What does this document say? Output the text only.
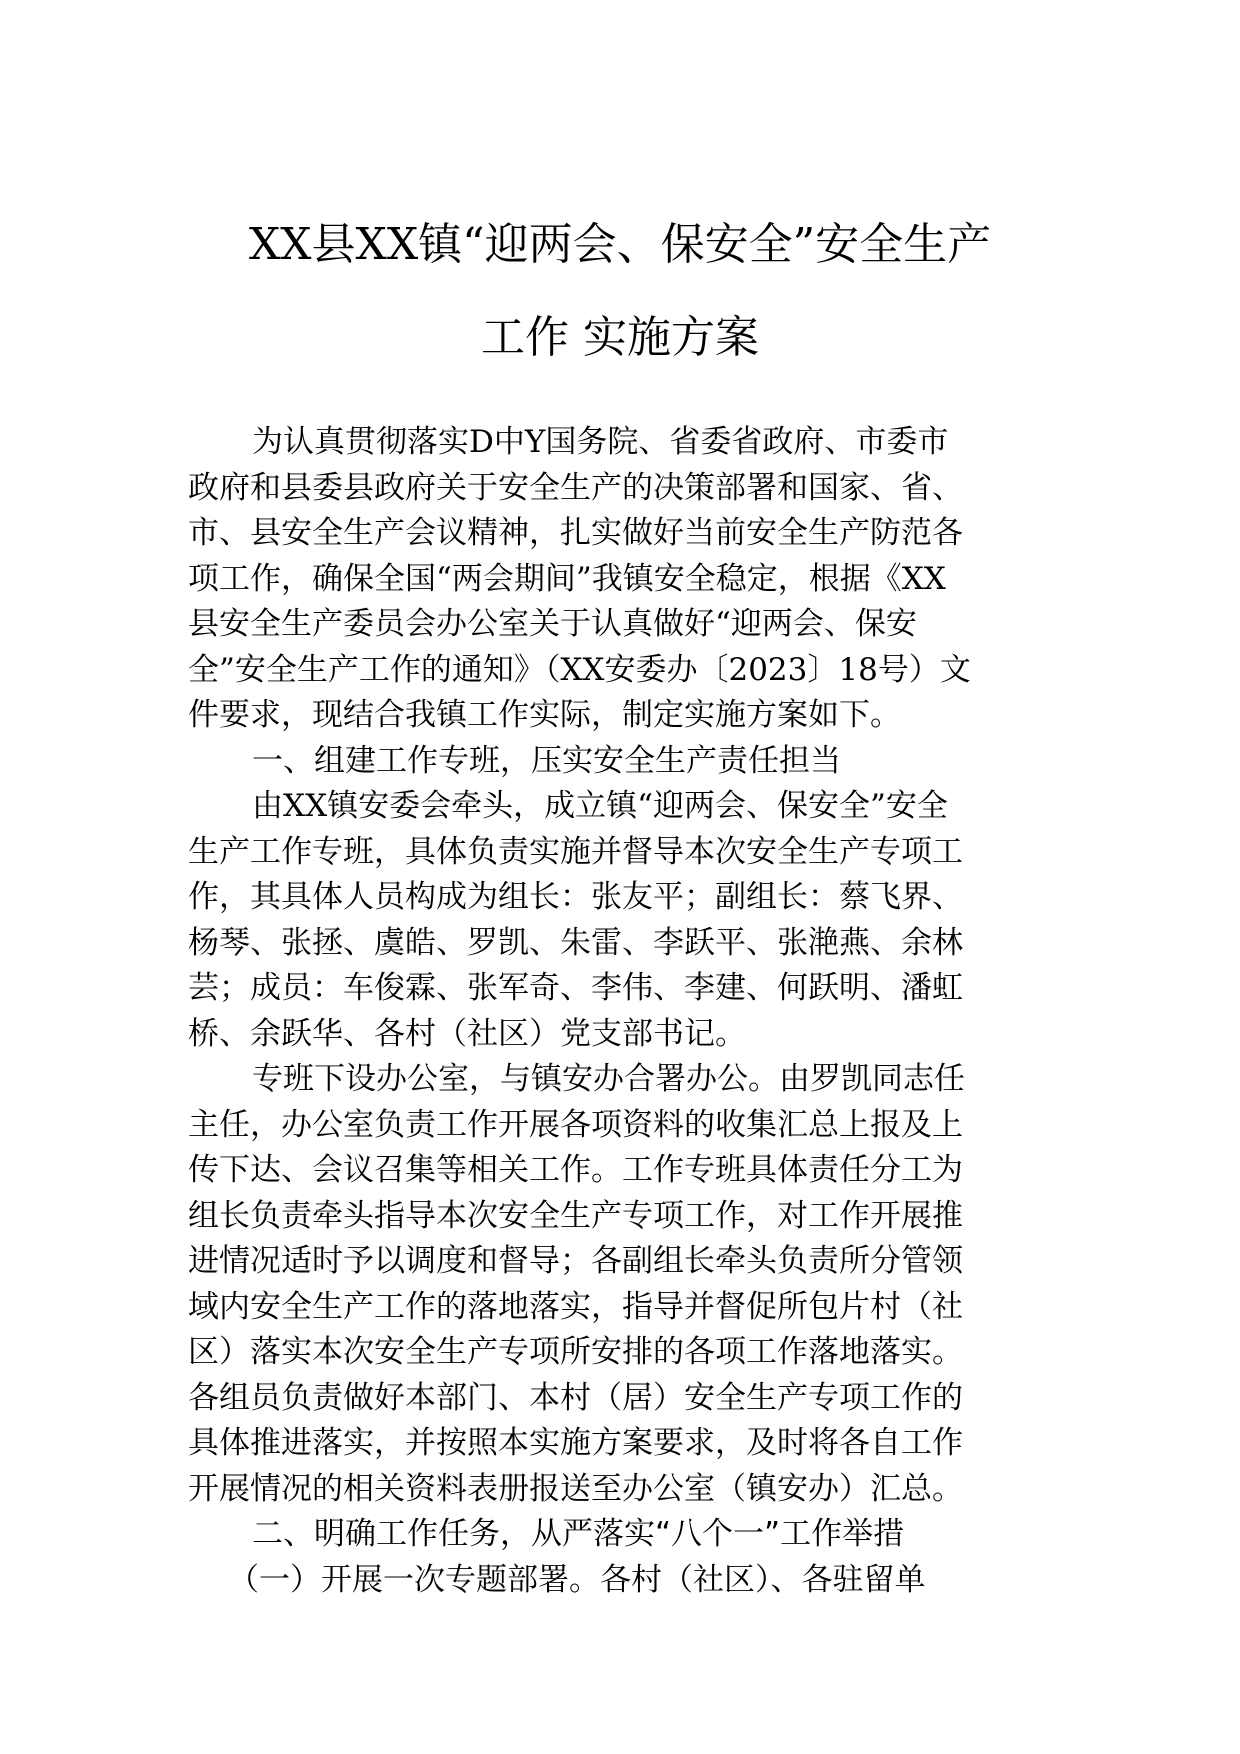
XX县XX镇“迎两会、保安全”安全生产
工作 实施方案
为认真贯彻落实D中Y国务院、省委省政府、市委市
政府和县委县政府关于安全生产的决策部署和国家、省、
市、县安全生产会议精神，扎实做好当前安全生产防范各
项工作，确保全国“两会期间”我镇安全稳定，根据《XX
县安全生产委员会办公室关于认真做好“迎两会、保安
全”安全生产工作的通知》（XX安委办〔2023〕18号）文
件要求，现结合我镇工作实际，制定实施方案如下。
一、组建工作专班，压实安全生产责任担当
由XX镇安委会牵头，成立镇“迎两会、保安全”安全
生产工作专班，具体负责实施并督导本次安全生产专项工
作，其具体人员构成为组长：张友平；副组长：蔡飞界、
杨琴、张拯、虞皓、罗凯、朱雷、李跃平、张滟燕、余林
芸；成员：车俊霖、张军奇、李伟、李建、何跃明、潘虹
桥、余跃华、各村（社区）党支部书记。
专班下设办公室，与镇安办合署办公。由罗凯同志任
主任，办公室负责工作开展各项资料的收集汇总上报及上
传下达、会议召集等相关工作。工作专班具体责任分工为
组长负责牵头指导本次安全生产专项工作，对工作开展推
进情况适时予以调度和督导；各副组长牵头负责所分管领
域内安全生产工作的落地落实，指导并督促所包片村（社
区）落实本次安全生产专项所安排的各项工作落地落实。
各组员负责做好本部门、本村（居）安全生产专项工作的
具体推进落实，并按照本实施方案要求，及时将各自工作
开展情况的相关资料表册报送至办公室（镇安办）汇总。
二、明确工作任务，从严落实“八个一”工作举措
（一）开展一次专题部署。各村（社区）、各驻留单
